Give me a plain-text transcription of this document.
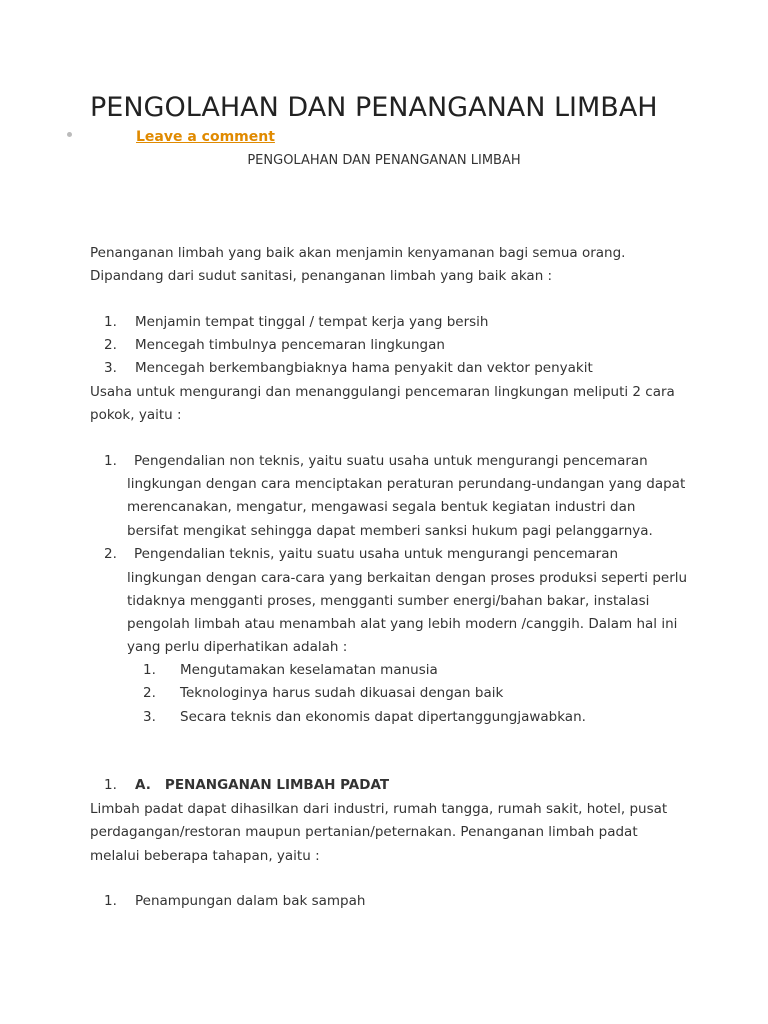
PENGOLAHAN DAN PENANGANAN LIMBAH
Leave a comment
PENGOLAHAN DAN PENANGANAN LIMBAH
Penanganan limbah yang baik akan menjamin kenyamanan bagi semua orang.
Dipandang dari sudut sanitasi, penanganan limbah yang baik akan :
1. Menjamin tempat tinggal / tempat kerja yang bersih
2. Mencegah timbulnya pencemaran lingkungan
3. Mencegah berkembangbiaknya hama penyakit dan vektor penyakit
Usaha untuk mengurangi dan menanggulangi pencemaran lingkungan meliputi 2 cara
pokok, yaitu :
1. Pengendalian non teknis, yaitu suatu usaha untuk mengurangi pencemaran
lingkungan dengan cara menciptakan peraturan perundang-undangan yang dapat
merencanakan, mengatur, mengawasi segala bentuk kegiatan industri dan
bersifat mengikat sehingga dapat memberi sanksi hukum pagi pelanggarnya.
2. Pengendalian teknis, yaitu suatu usaha untuk mengurangi pencemaran
lingkungan dengan cara-cara yang berkaitan dengan proses produksi seperti perlu
tidaknya mengganti proses, mengganti sumber energi/bahan bakar, instalasi
pengolah limbah atau menambah alat yang lebih modern /canggih. Dalam hal ini
yang perlu diperhatikan adalah :
1. Mengutamakan keselamatan manusia
2. Teknologinya harus sudah dikuasai dengan baik
3. Secara teknis dan ekonomis dapat dipertanggungjawabkan.
1. A.   PENANGANAN LIMBAH PADAT
Limbah padat dapat dihasilkan dari industri, rumah tangga, rumah sakit, hotel, pusat
perdagangan/restoran maupun pertanian/peternakan. Penanganan limbah padat
melalui beberapa tahapan, yaitu :
1. Penampungan dalam bak sampah
